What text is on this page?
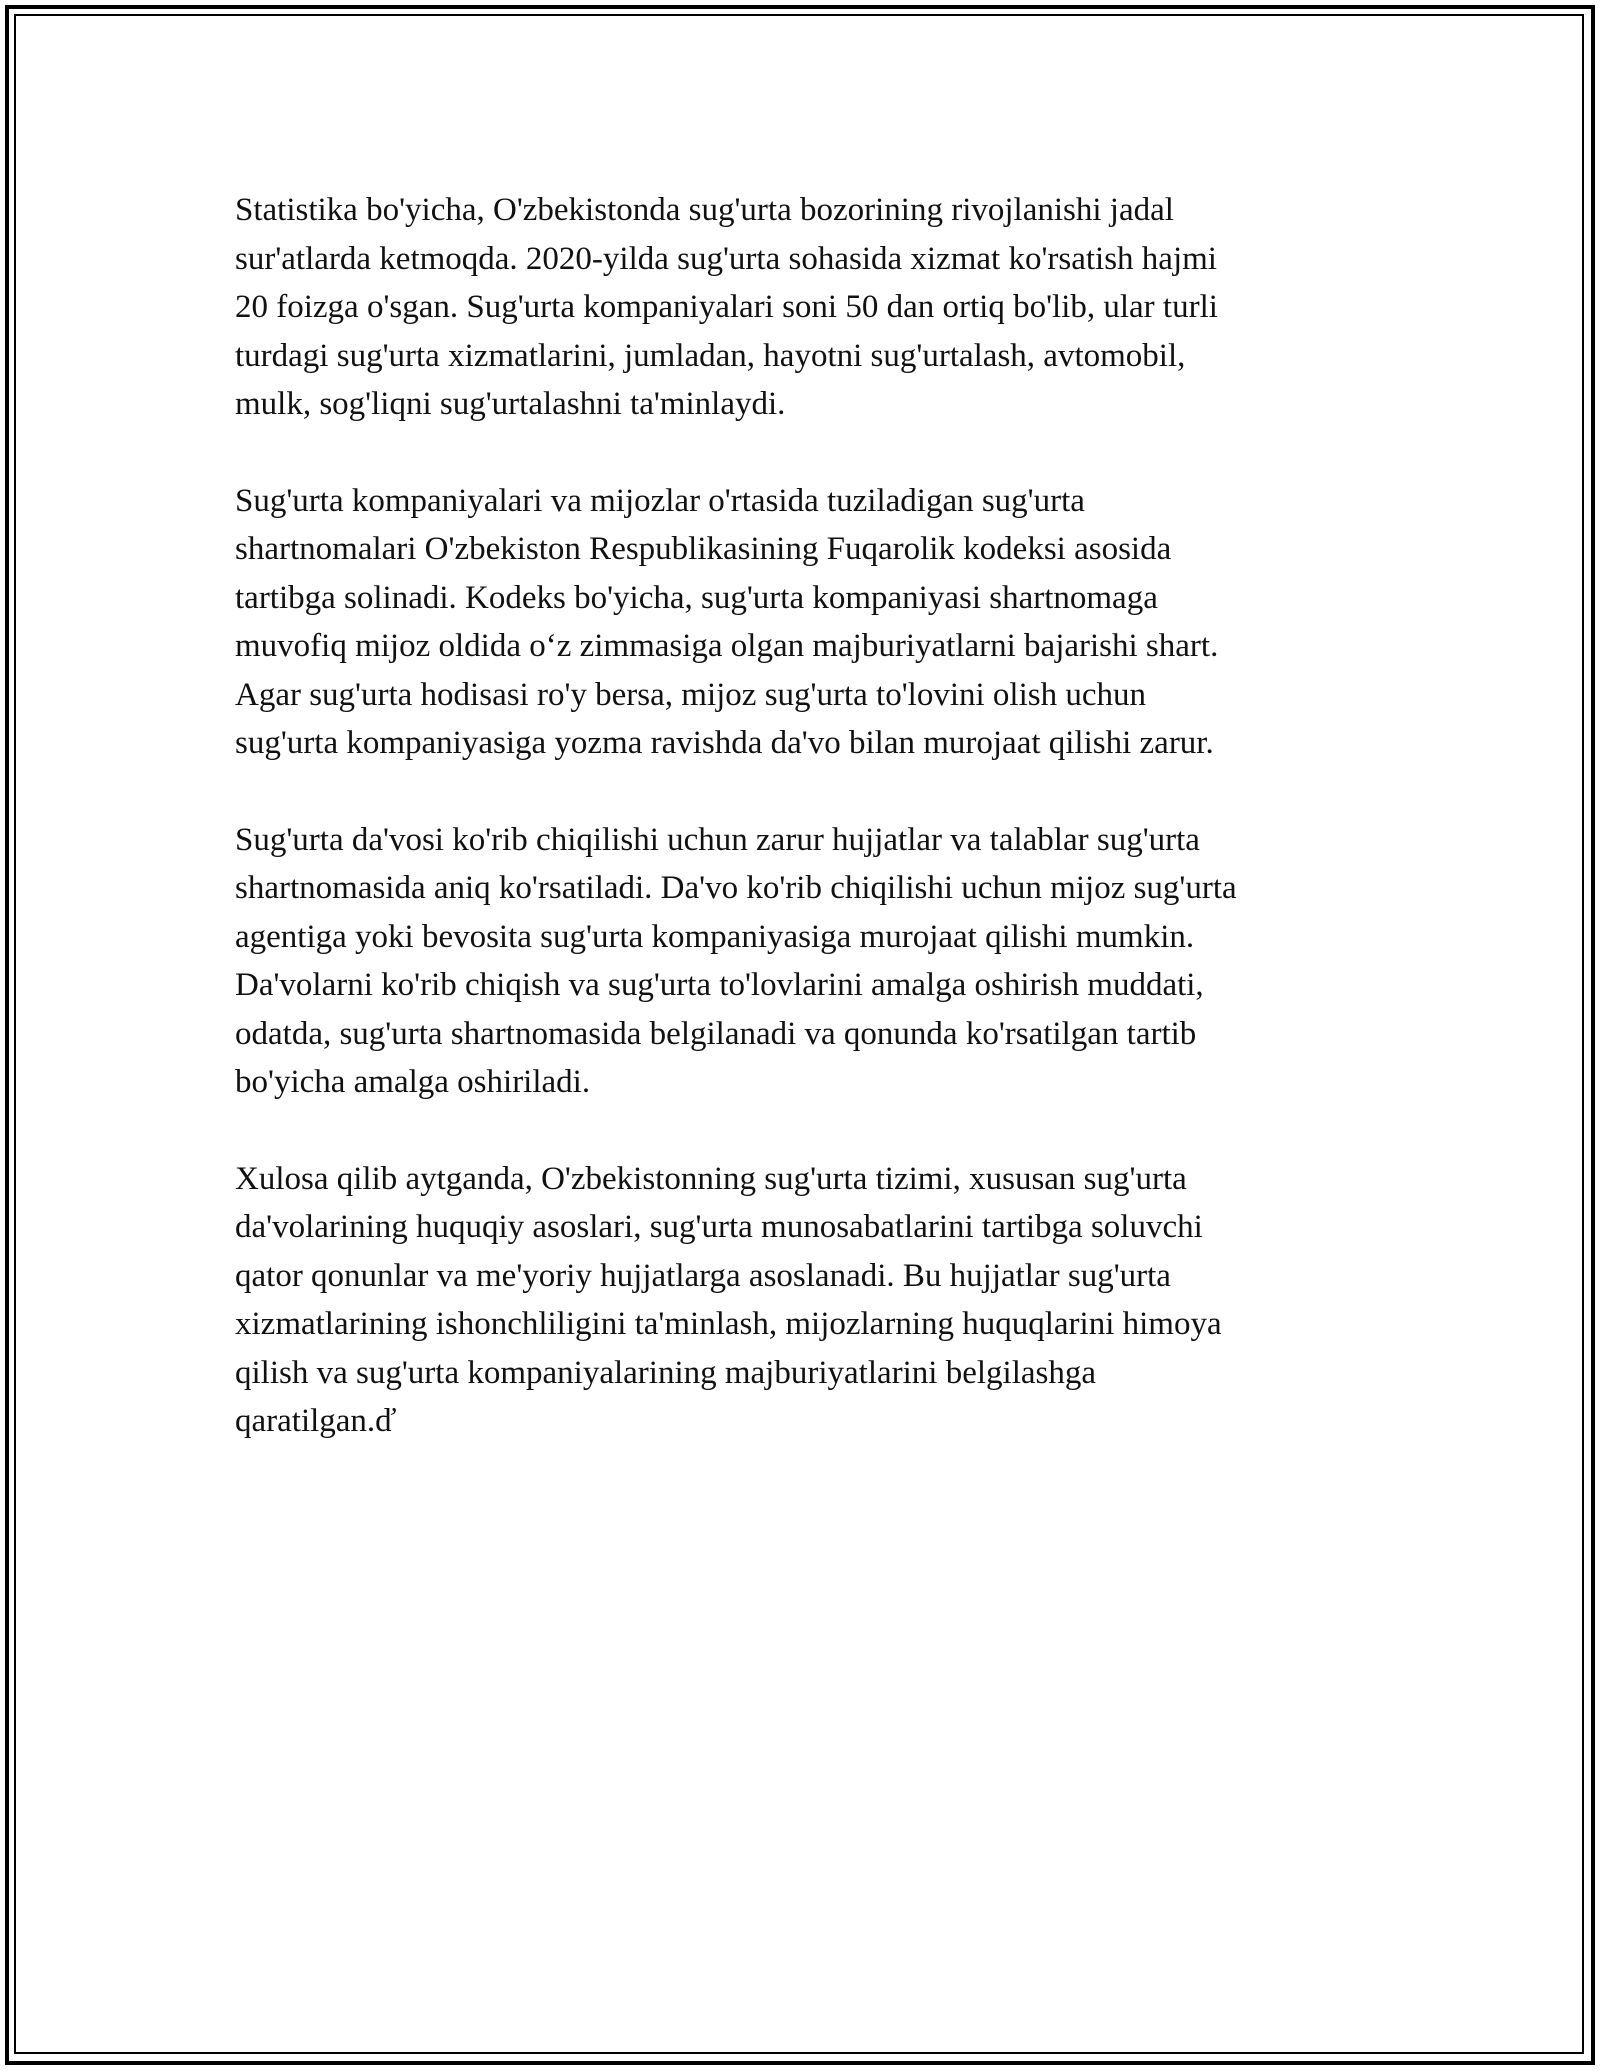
Statistika bo'yicha, O'zbekistonda sug'urta bozorining rivojlanishi jadal
sur'atlarda ketmoqda. 2020-yilda sug'urta sohasida xizmat ko'rsatish hajmi
20 foizga o'sgan. Sug'urta kompaniyalari soni 50 dan ortiq bo'lib, ular turli
turdagi sug'urta xizmatlarini, jumladan, hayotni sug'urtalash, avtomobil,
mulk, sog'liqni sug'urtalashni ta'minlaydi.

Sug'urta kompaniyalari va mijozlar o'rtasida tuziladigan sug'urta
shartnomalari O'zbekiston Respublikasining Fuqarolik kodeksi asosida
tartibga solinadi. Kodeks bo'yicha, sug'urta kompaniyasi shartnomaga
muvofiq mijoz oldida o‘z zimmasiga olgan majburiyatlarni bajarishi shart.
Agar sug'urta hodisasi ro'y bersa, mijoz sug'urta to'lovini olish uchun
sug'urta kompaniyasiga yozma ravishda da'vo bilan murojaat qilishi zarur.

Sug'urta da'vosi ko'rib chiqilishi uchun zarur hujjatlar va talablar sug'urta
shartnomasida aniq ko'rsatiladi. Da'vo ko'rib chiqilishi uchun mijoz sug'urta
agentiga yoki bevosita sug'urta kompaniyasiga murojaat qilishi mumkin.
Da'volarni ko'rib chiqish va sug'urta to'lovlarini amalga oshirish muddati,
odatda, sug'urta shartnomasida belgilanadi va qonunda ko'rsatilgan tartib
bo'yicha amalga oshiriladi.

Xulosa qilib aytganda, O'zbekistonning sug'urta tizimi, xususan sug'urta
da'volarining huquqiy asoslari, sug'urta munosabatlarini tartibga soluvchi
qator qonunlar va me'yoriy hujjatlarga asoslanadi. Bu hujjatlar sug'urta
xizmatlarining ishonchliligini ta'minlash, mijozlarning huquqlarini himoya
qilish va sug'urta kompaniyalarining majburiyatlarini belgilashga
qaratilgan.ď
